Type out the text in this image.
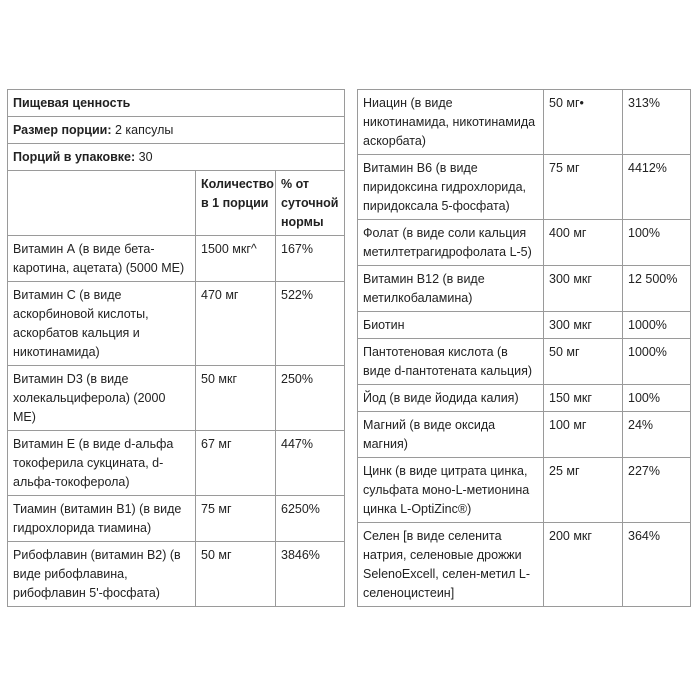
Пищевая ценность		
Размер порции: 2 капсулы		
Порций в упаковке: 30		
	Количество в 1 порции	% от суточной нормы
Витамин А (в виде бета-каротина, ацетата) (5000 МЕ)	1500 мкг^	167%
Витамин С (в виде аскорбиновой кислоты, аскорбатов кальция и никотинамида)	470 мг	522%
Витамин D3 (в виде холекальциферола) (2000 МЕ)	50 мкг	250%
Витамин Е (в виде d-альфа токоферила сукцината, d-альфа-токоферола)	67 мг	447%
Тиамин (витамин B1) (в виде гидрохлорида тиамина)	75 мг	6250%
Рибофлавин (витамин В2) (в виде рибофлавина, рибофлавин 5'-фосфата)	50 мг	3846%
Ниацин (в виде никотинамида, никотинамида аскорбата)	50 мг•	313%
Витамин В6 (в виде пиридоксина гидрохлорида, пиридоксала 5-фосфата)	75 мг	4412%
Фолат (в виде соли кальция метилтетрагидрофолата L-5)	400 мг	100%
Витамин B12 (в виде метилкобаламина)	300 мкг	12 500%
Биотин	300 мкг	1000%
Пантотеновая кислота (в виде d-пантотената кальция)	50 мг	1000%
Йод (в виде йодида калия)	150 мкг	100%
Магний (в виде оксида магния)	100 мг	24%
Цинк (в виде цитрата цинка, сульфата моно-L-метионина цинка L-OptiZinc®)	25 мг	227%
Селен [в виде селенита натрия, селеновые дрожжи SelenoExcell, селен-метил L-селеноцистеин]	200 мкг	364%
